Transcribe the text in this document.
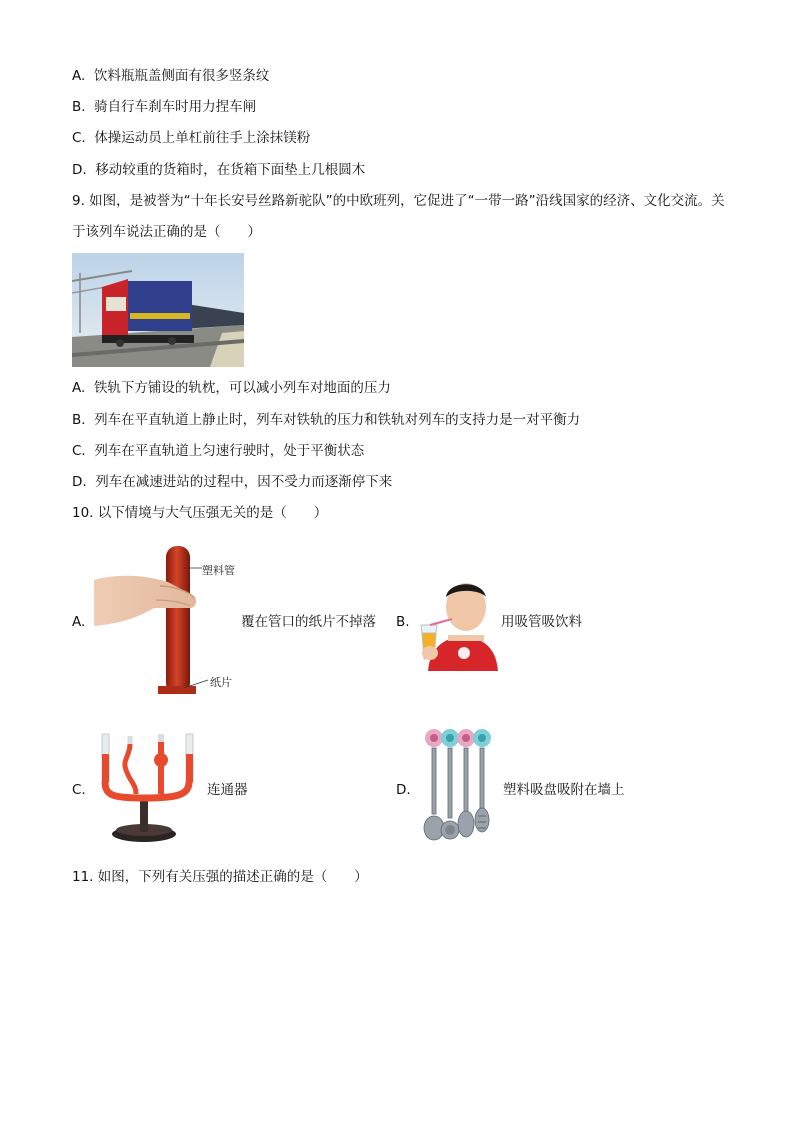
A. 饮料瓶瓶盖侧面有很多竖条纹
B. 骑自行车刹车时用力捏车闸
C. 体操运动员上单杠前往手上涂抹镁粉
D. 移动较重的货箱时，在货箱下面垫上几根圆木
9. 如图，是被誉为“十年长安号丝路新驼队”的中欧班列，它促进了“一带一路”沿线国家的经济、文化交流。关于该列车说法正确的是（　　）
A. 铁轨下方铺设的轨枕，可以减小列车对地面的压力
B. 列车在平直轨道上静止时，列车对铁轨的压力和铁轨对列车的支持力是一对平衡力
C. 列车在平直轨道上匀速行驶时，处于平衡状态
D. 列车在减速进站的过程中，因不受力而逐渐停下来
10. 以下情境与大气压强无关的是（　　）
A.
塑料管
纸片
覆在管口的纸片不掉落 B.	用吸管吸饮料
C.	连通器	D.	塑料吸盘吸附在墙上
11. 如图，下列有关压强的描述正确的是（　　）
